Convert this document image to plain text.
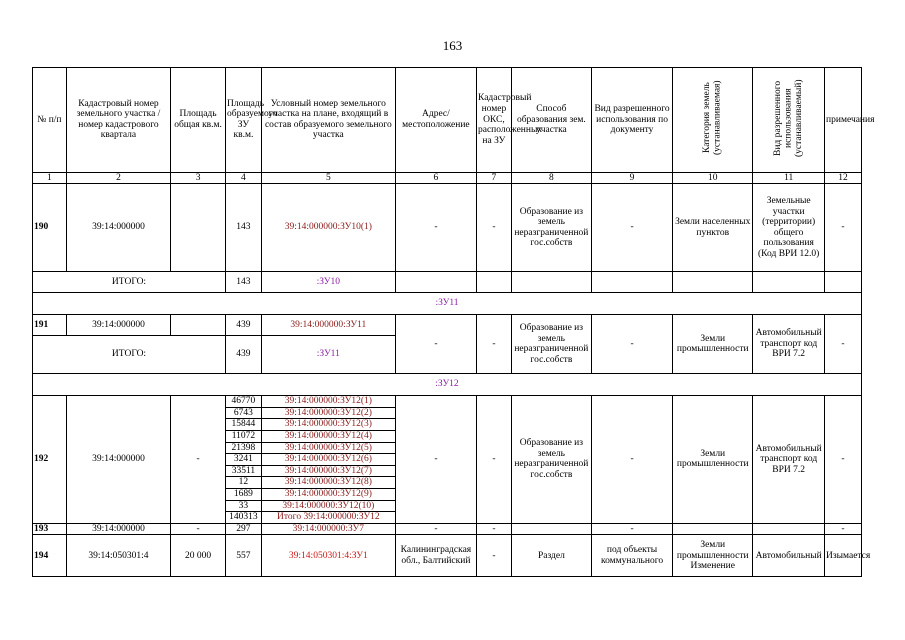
163
№ п/п	Кадастровый номер земельного участка /номер кадастрового квартала	Площадь общая кв.м.	Площадь образуемого ЗУ кв.м.	Условный номер земельного участка на плане, входящий в состав образуемого земельного участка	Адрес/ местоположение	Кадастровый номер ОКС, расположенных на ЗУ	Способ образования зем. участка	Вид разрешенного использования по документу	Категория земель (устанавливаемая)	Вид разрешенного использования (устанавливаемый)	примечания
1	2	3	4	5	6	7	8	9	10	11	12
190	39:14:000000		143	39:14:000000:ЗУ10(1)	-	-	Образование из земель неразграниченной гос.собств	-	Земли населенных пунктов	Земельные участки (территории) общего пользования (Код ВРИ 12.0)	-
ИТОГО:			143	:ЗУ10							
:ЗУ11											
191	39:14:000000		439	39:14:000000:ЗУ11	-	-	Образование из земель неразграниченной гос.собств	-	Земли промышленности	Автомобильный транспорт код ВРИ 7.2	-
ИТОГО:			439	:ЗУ11							
:ЗУ12											
192	39:14:000000	-	46770	39:14:000000:ЗУ12(1)	-	-	Образование из земель неразграниченной гос.собств	-	Земли промышленности	Автомобильный транспорт код ВРИ 7.2	-
			6743	39:14:000000:ЗУ12(2)							
			15844	39:14:000000:ЗУ12(3)							
			11072	39:14:000000:ЗУ12(4)							
			21398	39:14:000000:ЗУ12(5)							
			3241	39:14:000000:ЗУ12(6)							
			33511	39:14:000000:ЗУ12(7)							
			12	39:14:000000:ЗУ12(8)							
			1689	39:14:000000:ЗУ12(9)							
			33	39:14:000000:ЗУ12(10)							
			140313	Итого 39:14:000000:ЗУ12							
193	39:14:000000	-	297	39:14:000000:ЗУ7	-	-		-			-
194	39:14:050301:4	20 000	557	39:14:050301:4:ЗУ1	Калининградская обл., Балтийский	-	Раздел	под объекты коммунального	Земли промышленности Изменение	Автомобильный	Изымается
